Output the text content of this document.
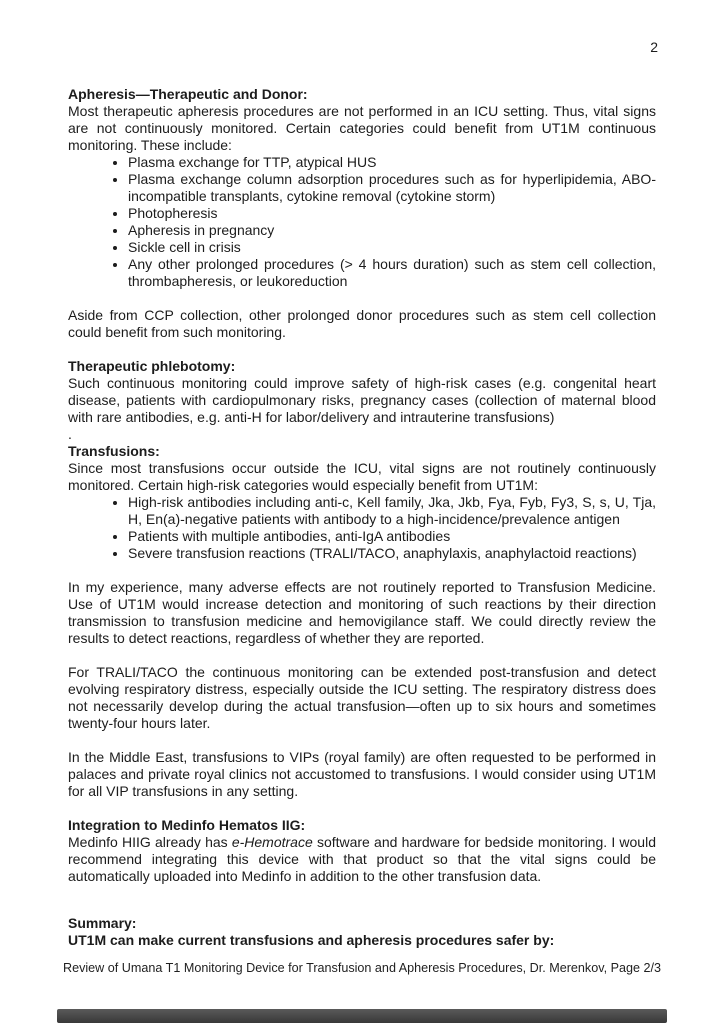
2
Apheresis—Therapeutic and Donor:

Most therapeutic apheresis procedures are not performed in an ICU setting. Thus, vital signs are not continuously monitored. Certain categories could benefit from UT1M continuous monitoring. These include:

• Plasma exchange for TTP, atypical HUS
• Plasma exchange column adsorption procedures such as for hyperlipidemia, ABO-incompatible transplants, cytokine removal (cytokine storm)
• Photopheresis
• Apheresis in pregnancy
• Sickle cell in crisis
• Any other prolonged procedures (> 4 hours duration) such as stem cell collection, thrombapheresis, or leukoreduction

Aside from CCP collection, other prolonged donor procedures such as stem cell collection could benefit from such monitoring.

Therapeutic phlebotomy:

Such continuous monitoring could improve safety of high-risk cases (e.g. congenital heart disease, patients with cardiopulmonary risks, pregnancy cases (collection of maternal blood with rare antibodies, e.g. anti-H for labor/delivery and intrauterine transfusions)

.

Transfusions:

Since most transfusions occur outside the ICU, vital signs are not routinely continuously monitored. Certain high-risk categories would especially benefit from UT1M:

• High-risk antibodies including anti-c, Kell family, Jka, Jkb, Fya, Fyb, Fy3, S, s, U, Tja, H, En(a)-negative patients with antibody to a high-incidence/prevalence antigen
• Patients with multiple antibodies, anti-IgA antibodies
• Severe transfusion reactions (TRALI/TACO, anaphylaxis, anaphylactoid reactions)

In my experience, many adverse effects are not routinely reported to Transfusion Medicine. Use of UT1M would increase detection and monitoring of such reactions by their direction transmission to transfusion medicine and hemovigilance staff. We could directly review the results to detect reactions, regardless of whether they are reported.

For TRALI/TACO the continuous monitoring can be extended post-transfusion and detect evolving respiratory distress, especially outside the ICU setting. The respiratory distress does not necessarily develop during the actual transfusion—often up to six hours and sometimes twenty-four hours later.

In the Middle East, transfusions to VIPs (royal family) are often requested to be performed in palaces and private royal clinics not accustomed to transfusions. I would consider using UT1M for all VIP transfusions in any setting.

Integration to Medinfo Hematos IIG:

Medinfo HIIG already has e-Hemotrace software and hardware for bedside monitoring. I would recommend integrating this device with that product so that the vital signs could be automatically uploaded into Medinfo in addition to the other transfusion data.

Summary:
UT1M can make current transfusions and apheresis procedures safer by:
Review of Umana T1 Monitoring Device for Transfusion and Apheresis Procedures, Dr. Merenkov, Page 2/3
